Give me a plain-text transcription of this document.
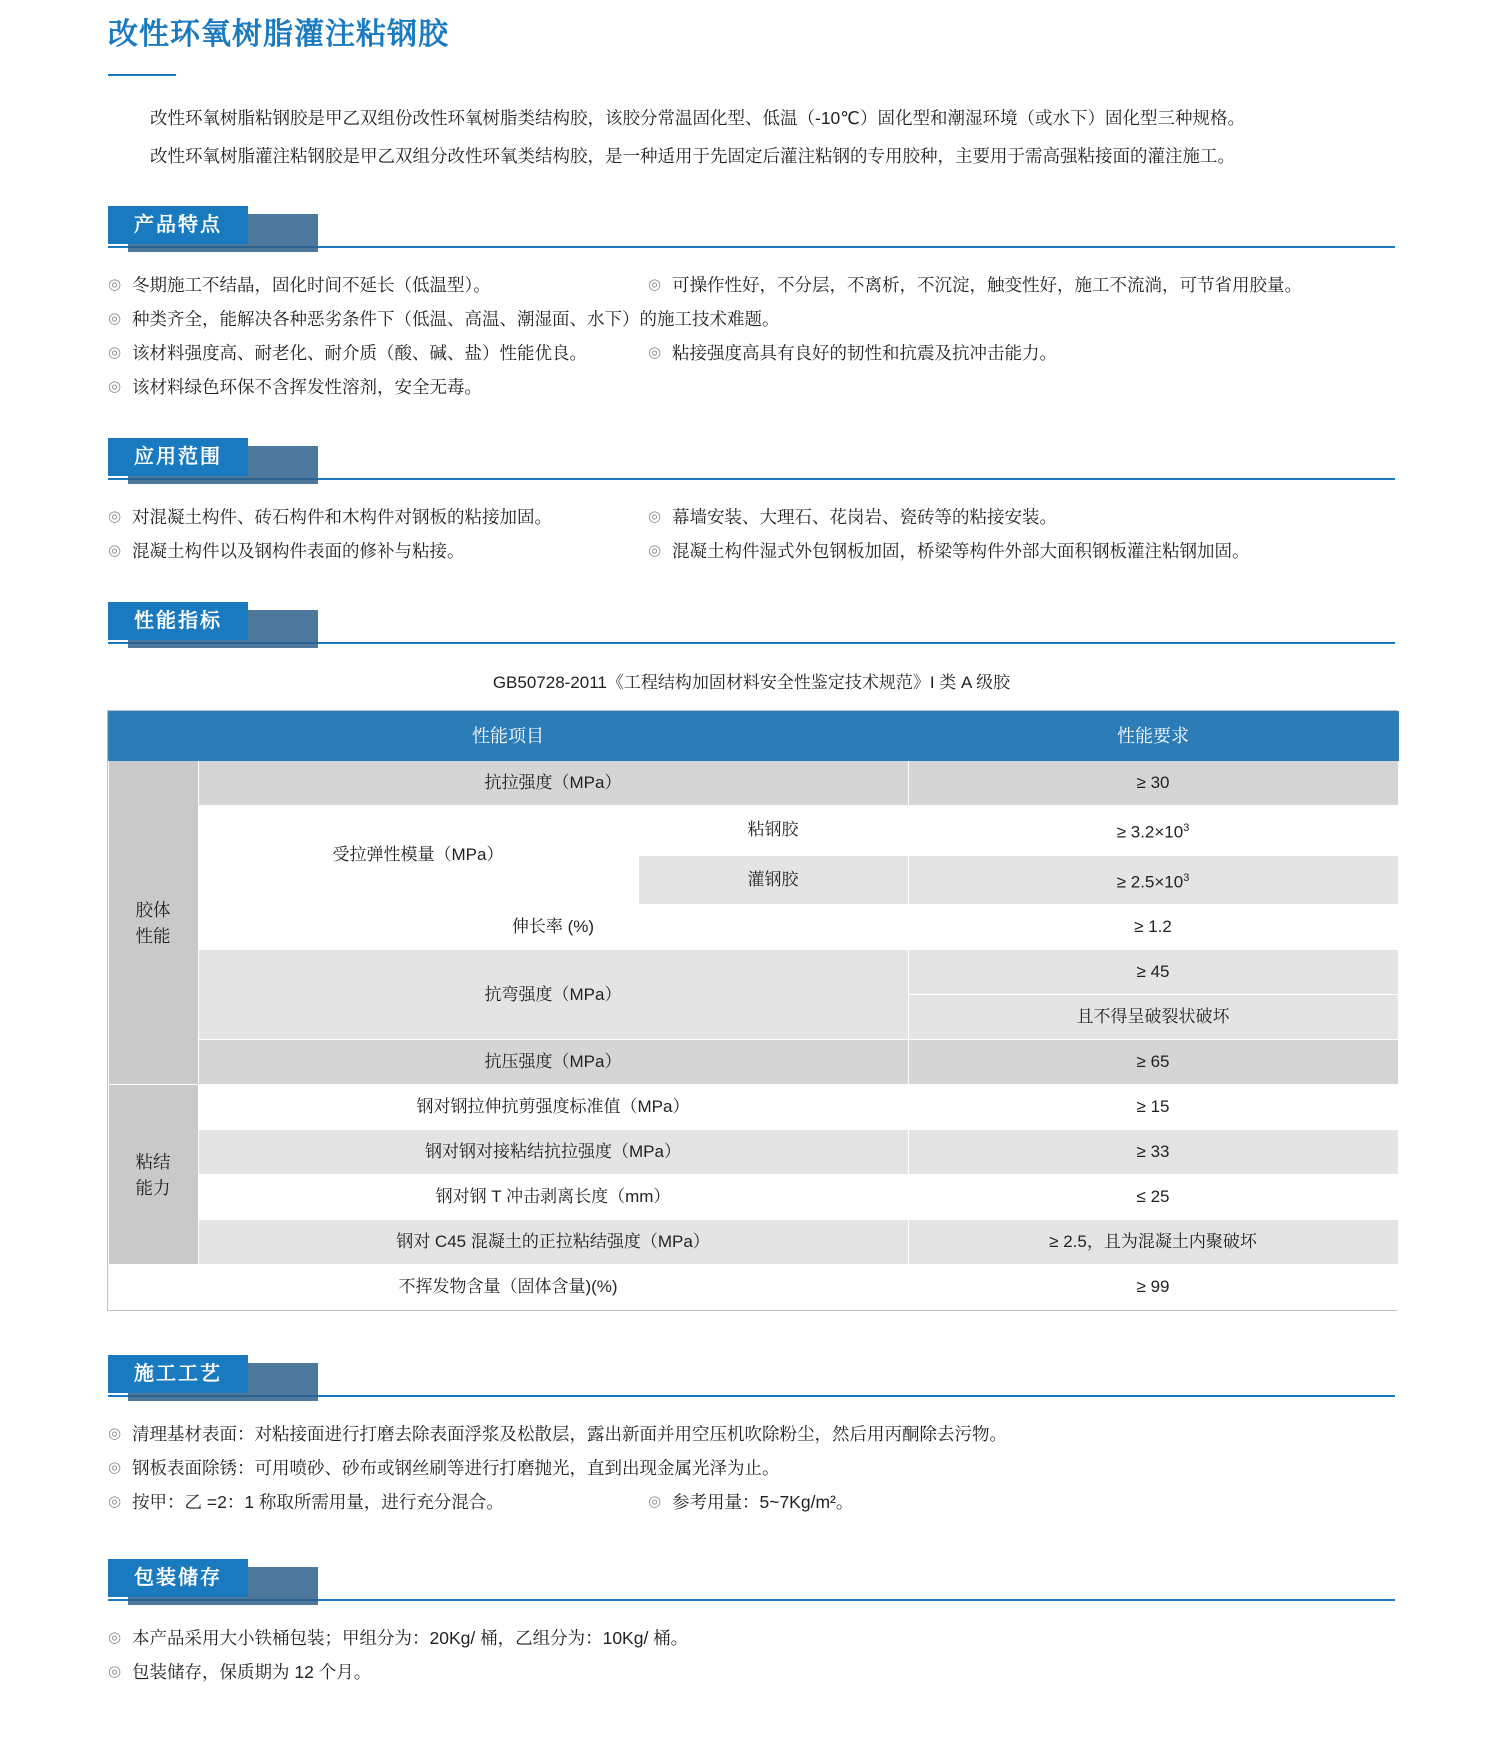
改性环氧树脂灌注粘钢胶

改性环氧树脂粘钢胶是甲乙双组份改性环氧树脂类结构胶，该胶分常温固化型、低温（-10℃）固化型和潮湿环境（或水下）固化型三种规格。

改性环氧树脂灌注粘钢胶是甲乙双组分改性环氧类结构胶，是一种适用于先固定后灌注粘钢的专用胶种，主要用于需高强粘接面的灌注施工。

产品特点
◎ 冬期施工不结晶，固化时间不延长（低温型）。	◎ 可操作性好，不分层，不离析，不沉淀，触变性好，施工不流淌，可节省用胶量。
◎ 种类齐全，能解决各种恶劣条件下（低温、高温、潮湿面、水下）的施工技术难题。
◎ 该材料强度高、耐老化、耐介质（酸、碱、盐）性能优良。	◎ 粘接强度高具有良好的韧性和抗震及抗冲击能力。
◎ 该材料绿色环保不含挥发性溶剂，安全无毒。
应用范围
◎ 对混凝土构件、砖石构件和木构件对钢板的粘接加固。	◎ 幕墙安装、大理石、花岗岩、瓷砖等的粘接安装。
◎ 混凝土构件以及钢构件表面的修补与粘接。	◎ 混凝土构件湿式外包钢板加固，桥梁等构件外部大面积钢板灌注粘钢加固。
性能指标
GB50728-2011《工程结构加固材料安全性鉴定技术规范》I 类 A 级胶
性能项目			性能要求
胶体
性能	抗拉强度（MPa）		≥ 30
	受拉弹性模量（MPa）	粘钢胶	≥ $3.2\times 10^3$
		灌钢胶	≥ $2.5\times 10^3$
	伸长率 (%)		≥ 1.2
	抗弯强度（MPa）		≥ 45
			且不得呈破裂状破坏
	抗压强度（MPa）		≥ 65
粘结
能力	钢对钢拉伸抗剪强度标准值（MPa）		≥ 15
	钢对钢对接粘结抗拉强度（MPa）		≥ 33
	钢对钢 T 冲击剥离长度（mm）		≤ 25
	钢对 C45 混凝土的正拉粘结强度（MPa）		≥ 2.5，且为混凝土内聚破坏
不挥发物含量（固体含量)(%)			≥ 99
施工工艺
◎ 清理基材表面：对粘接面进行打磨去除表面浮浆及松散层，露出新面并用空压机吹除粉尘，然后用丙酮除去污物。
◎ 钢板表面除锈：可用喷砂、砂布或钢丝刷等进行打磨抛光，直到出现金属光泽为止。
◎ 按甲：乙 =2：1 称取所需用量，进行充分混合。	◎ 参考用量：5~7Kg/m²。
包装储存
◎ 本产品采用大小铁桶包装；甲组分为：20Kg/ 桶，乙组分为：10Kg/ 桶。
◎ 包装储存，保质期为 12 个月。
